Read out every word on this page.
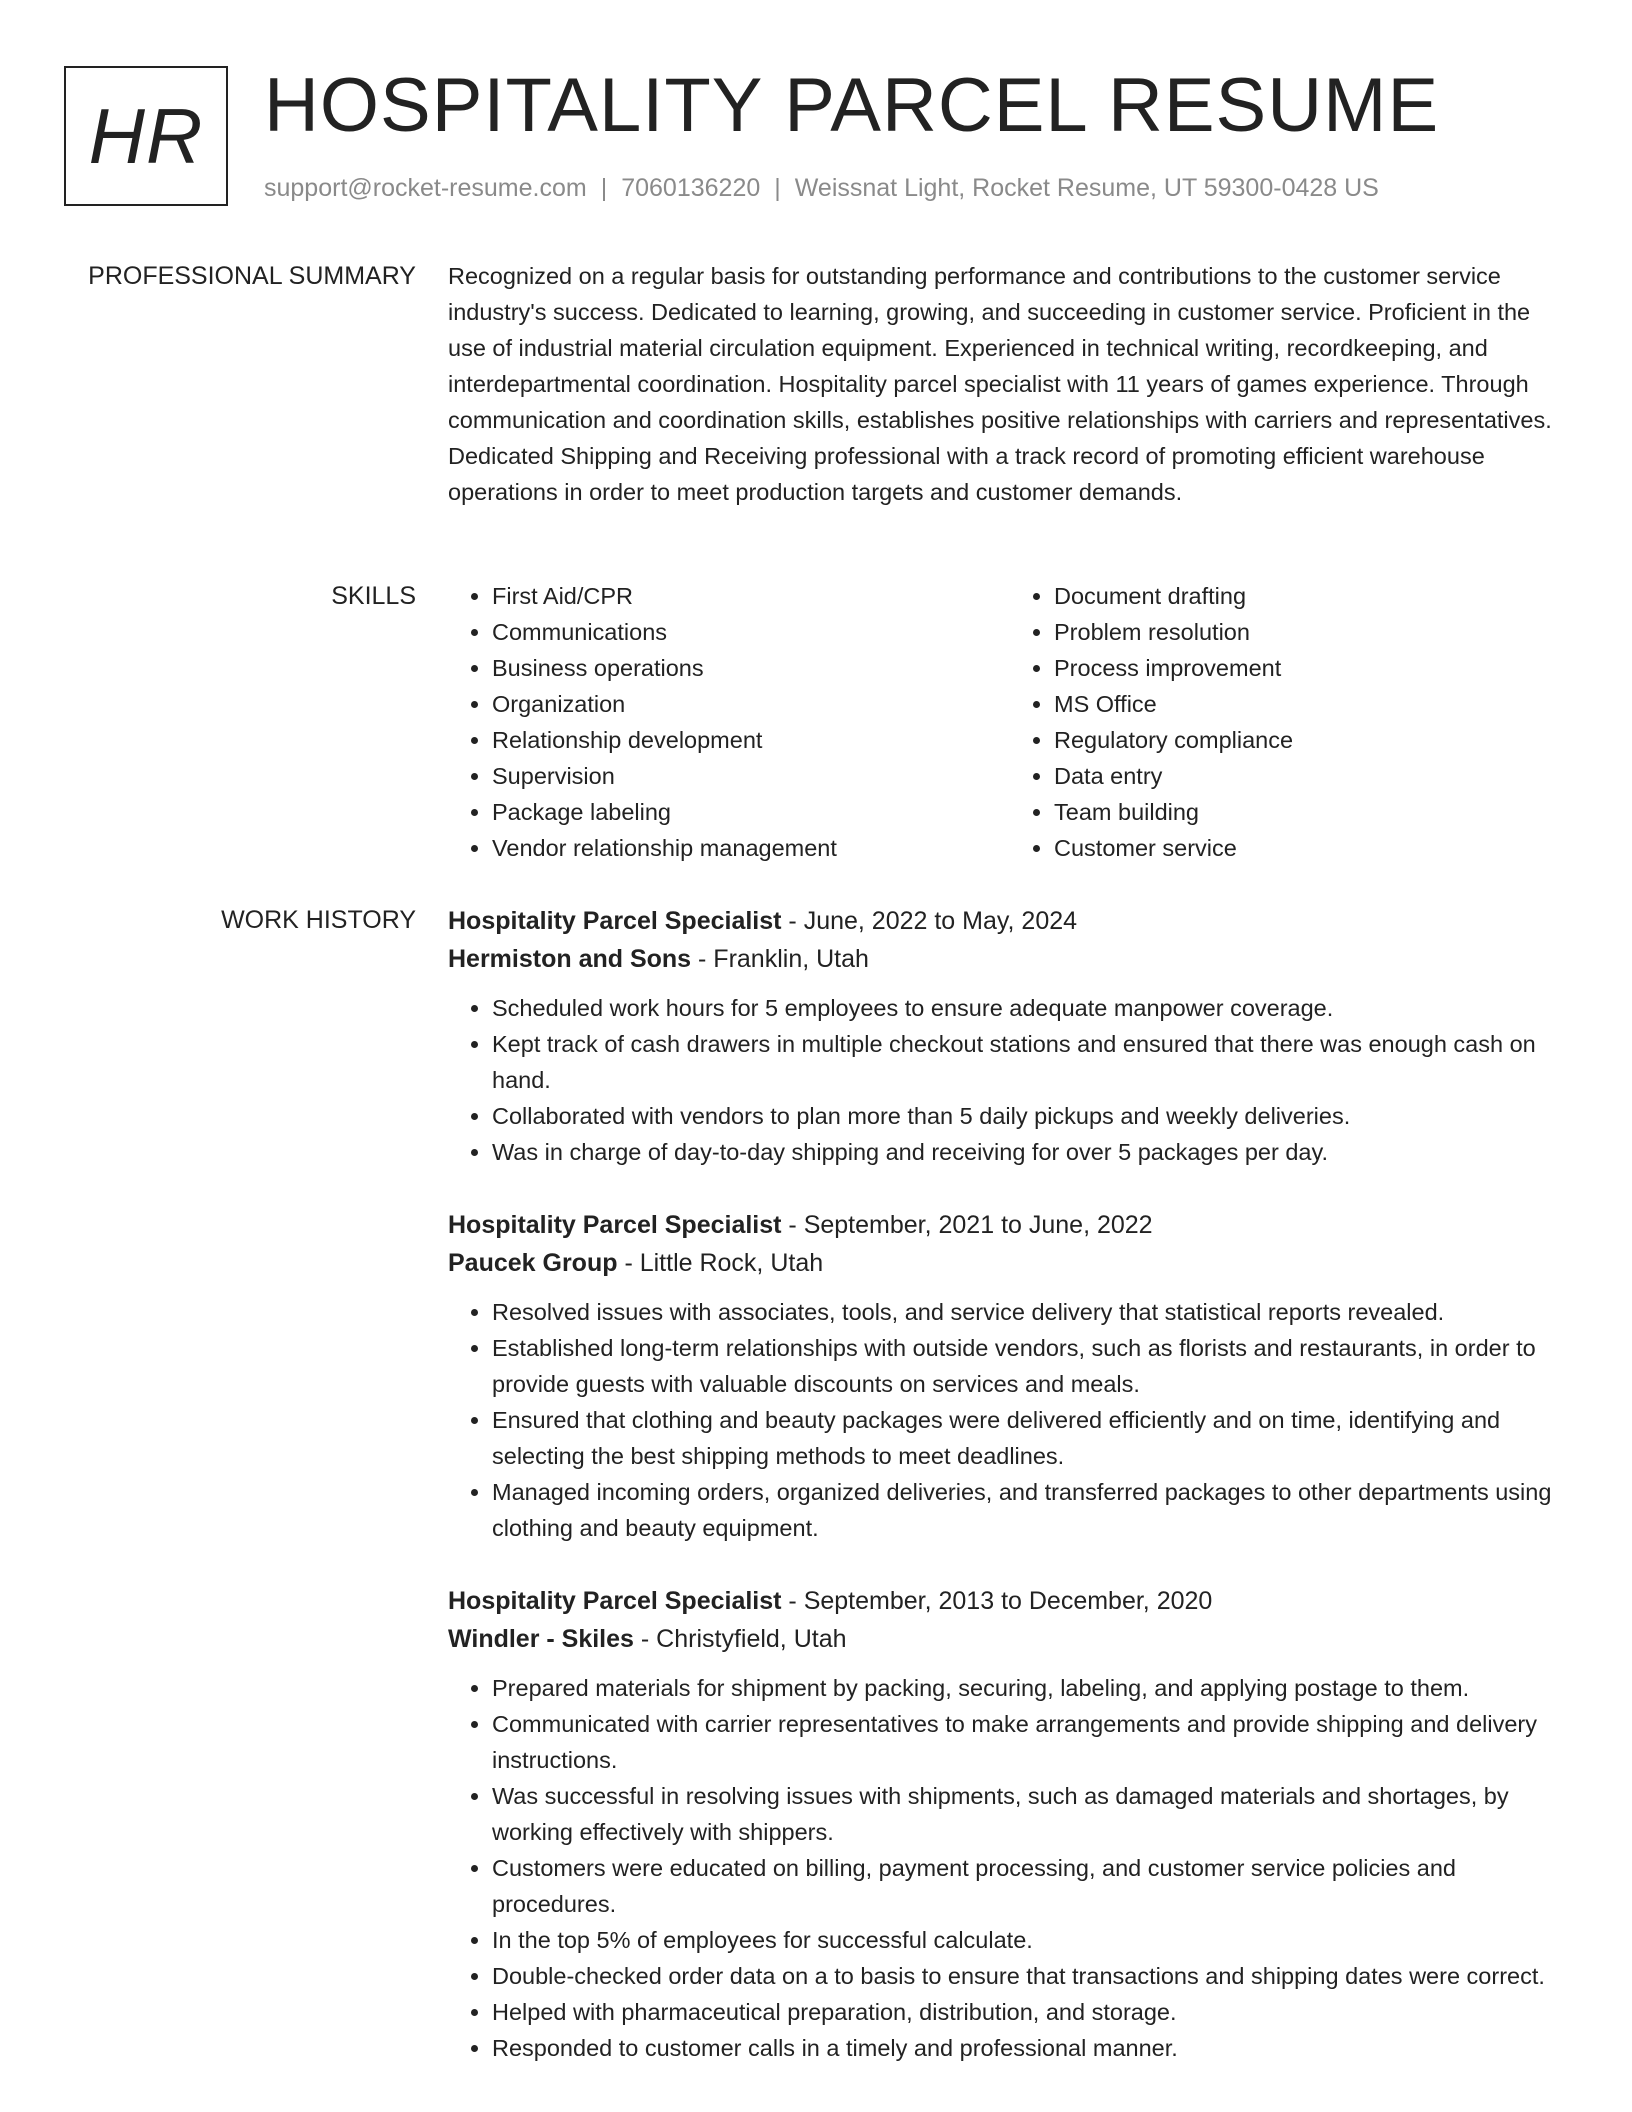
HR HOSPITALITY PARCEL RESUME
support@rocket-resume.com | 7060136220 | Weissnat Light, Rocket Resume, UT 59300-0428 US
PROFESSIONAL SUMMARY Recognized on a regular basis for outstanding performance and contributions to the customer service industry's success. Dedicated to learning, growing, and succeeding in customer service. Proficient in the use of industrial material circulation equipment. Experienced in technical writing, recordkeeping, and interdepartmental coordination. Hospitality parcel specialist with 11 years of games experience. Through communication and coordination skills, establishes positive relationships with carriers and representatives. Dedicated Shipping and Receiving professional with a track record of promoting efficient warehouse operations in order to meet production targets and customer demands.

SKILLS
•	First Aid/CPR
• Communications
• Business operations
• Organization
• Relationship development
• Supervision
• Package labeling
• Vendor relationship management
• Document drafting
• Problem resolution
• Process improvement
• MS Office
• Regulatory compliance
• Data entry
• Team building
• Customer service
WORK HISTORY Hospitality Parcel Specialist - June, 2022 to May, 2024
Hermiston and Sons - Franklin, Utah
• Scheduled work hours for 5 employees to ensure adequate manpower coverage.
• Kept track of cash drawers in multiple checkout stations and ensured that there was enough cash on hand.
• Collaborated with vendors to plan more than 5 daily pickups and weekly deliveries.
• Was in charge of day-to-day shipping and receiving for over 5 packages per day.
Hospitality Parcel Specialist - September, 2021 to June, 2022
Paucek Group - Little Rock, Utah
• Resolved issues with associates, tools, and service delivery that statistical reports revealed.
• Established long-term relationships with outside vendors, such as florists and restaurants, in order to provide guests with valuable discounts on services and meals.
• Ensured that clothing and beauty packages were delivered efficiently and on time, identifying and selecting the best shipping methods to meet deadlines.
• Managed incoming orders, organized deliveries, and transferred packages to other departments using clothing and beauty equipment.
Hospitality Parcel Specialist - September, 2013 to December, 2020
Windler - Skiles - Christyfield, Utah
• Prepared materials for shipment by packing, securing, labeling, and applying postage to them.
• Communicated with carrier representatives to make arrangements and provide shipping and delivery instructions.
• Was successful in resolving issues with shipments, such as damaged materials and shortages, by working effectively with shippers.
• Customers were educated on billing, payment processing, and customer service policies and procedures.
• In the top 5% of employees for successful calculate.
• Double-checked order data on a to basis to ensure that transactions and shipping dates were correct.
• Helped with pharmaceutical preparation, distribution, and storage.
• Responded to customer calls in a timely and professional manner.
